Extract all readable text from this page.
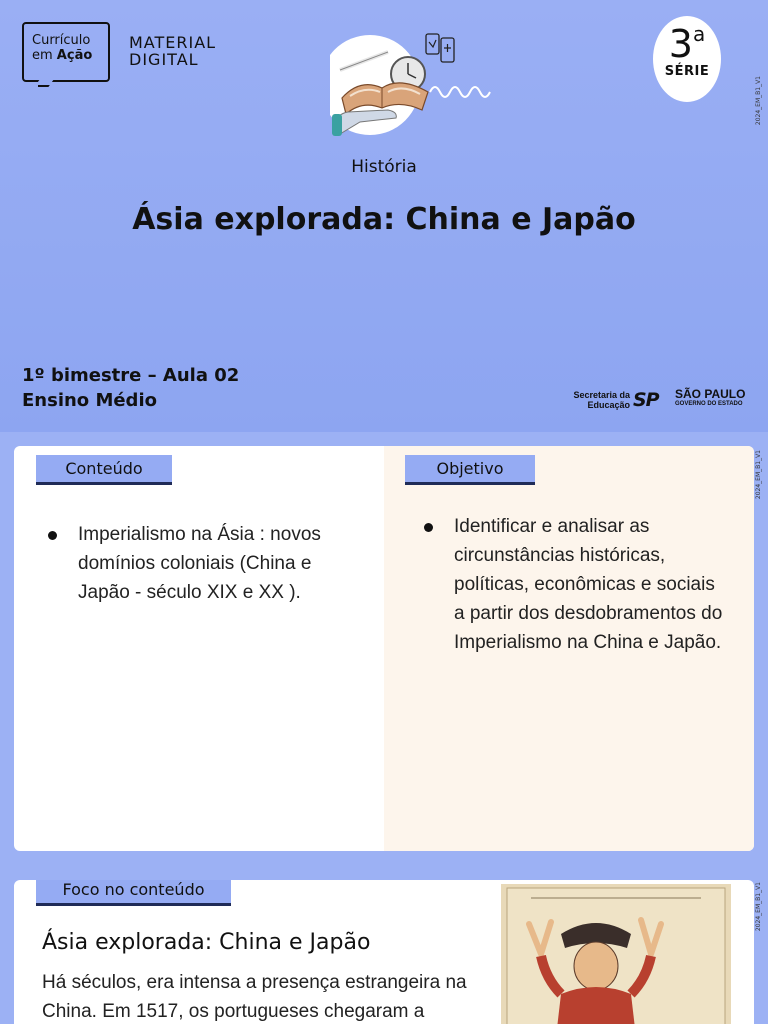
Currículo
em Ação
MATERIAL
DIGITAL	3$^a$
SÉRIE
2024_EM_B1_V1
História
Ásia explorada: China e Japão
1º bimestre – Aula 02
Ensino Médio	Secretaria da
Educação SP SÃO PAULO
GOVERNO DO ESTADO
Conteúdo	Objetivo
Imperialismo na Ásia : novos domínios coloniais (China e Japão - século XIX e XX ).
Identificar e analisar as circunstâncias históricas, políticas, econômicas e sociais a partir dos desdobramentos do Imperialismo na China e Japão.
2024_EM_B1_V1
Foco no conteúdo
Ásia explorada: China e Japão

Há séculos, era intensa a presença estrangeira na China. Em 1517, os portugueses chegaram a

2024_EM_B1_V1
